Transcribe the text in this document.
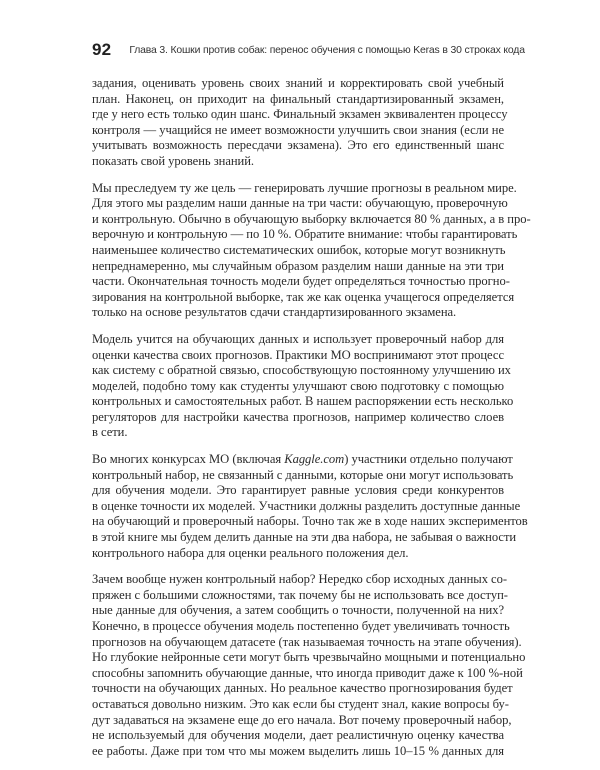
92 Глава 3. Кошки против собак: перенос обучения с помощью Keras в 30 строках кода
задания, оценивать уровень своих знаний и корректировать свой учебный
план. Наконец, он приходит на финальный стандартизированный экзамен,
где у него есть только один шанс. Финальный экзамен эквивалентен процессу
контроля — учащийся не имеет возможности улучшить свои знания (если не
учитывать возможность пересдачи экзамена). Это его единственный шанс
показать свой уровень знаний.
Мы преследуем ту же цель — генерировать лучшие прогнозы в реальном мире.
Для этого мы разделим наши данные на три части: обучающую, проверочную
и контрольную. Обычно в обучающую выборку включается 80 % данных, а в про-
верочную и контрольную — по 10 %. Обратите внимание: чтобы гарантировать
наименьшее количество систематических ошибок, которые могут возникнуть
непреднамеренно, мы случайным образом разделим наши данные на эти три
части. Окончательная точность модели будет определяться точностью прогно-
зирования на контрольной выборке, так же как оценка учащегося определяется
только на основе результатов сдачи стандартизированного экзамена.
Модель учится на обучающих данных и использует проверочный набор для
оценки качества своих прогнозов. Практики МО воспринимают этот процесс
как систему с обратной связью, способствующую постоянному улучшению их
моделей, подобно тому как студенты улучшают свою подготовку с помощью
контрольных и самостоятельных работ. В нашем распоряжении есть несколько
регуляторов для настройки качества прогнозов, например количество слоев
в сети.
Во многих конкурсах МО (включая Kaggle.com) участники отдельно получают
контрольный набор, не связанный с данными, которые они могут использовать
для обучения модели. Это гарантирует равные условия среди конкурентов
в оценке точности их моделей. Участники должны разделить доступные данные
на обучающий и проверочный наборы. Точно так же в ходе наших экспериментов
в этой книге мы будем делить данные на эти два набора, не забывая о важности
контрольного набора для оценки реального положения дел.
Зачем вообще нужен контрольный набор? Нередко сбор исходных данных со-
пряжен с большими сложностями, так почему бы не использовать все доступ-
ные данные для обучения, а затем сообщить о точности, полученной на них?
Конечно, в процессе обучения модель постепенно будет увеличивать точность
прогнозов на обучающем датасете (так называемая точность на этапе обучения).
Но глубокие нейронные сети могут быть чрезвычайно мощными и потенциально
способны запомнить обучающие данные, что иногда приводит даже к 100 %-ной
точности на обучающих данных. Но реальное качество прогнозирования будет
оставаться довольно низким. Это как если бы студент знал, какие вопросы бу-
дут задаваться на экзамене еще до его начала. Вот почему проверочный набор,
не используемый для обучения модели, дает реалистичную оценку качества
ее работы. Даже при том что мы можем выделить лишь 10–15 % данных для
